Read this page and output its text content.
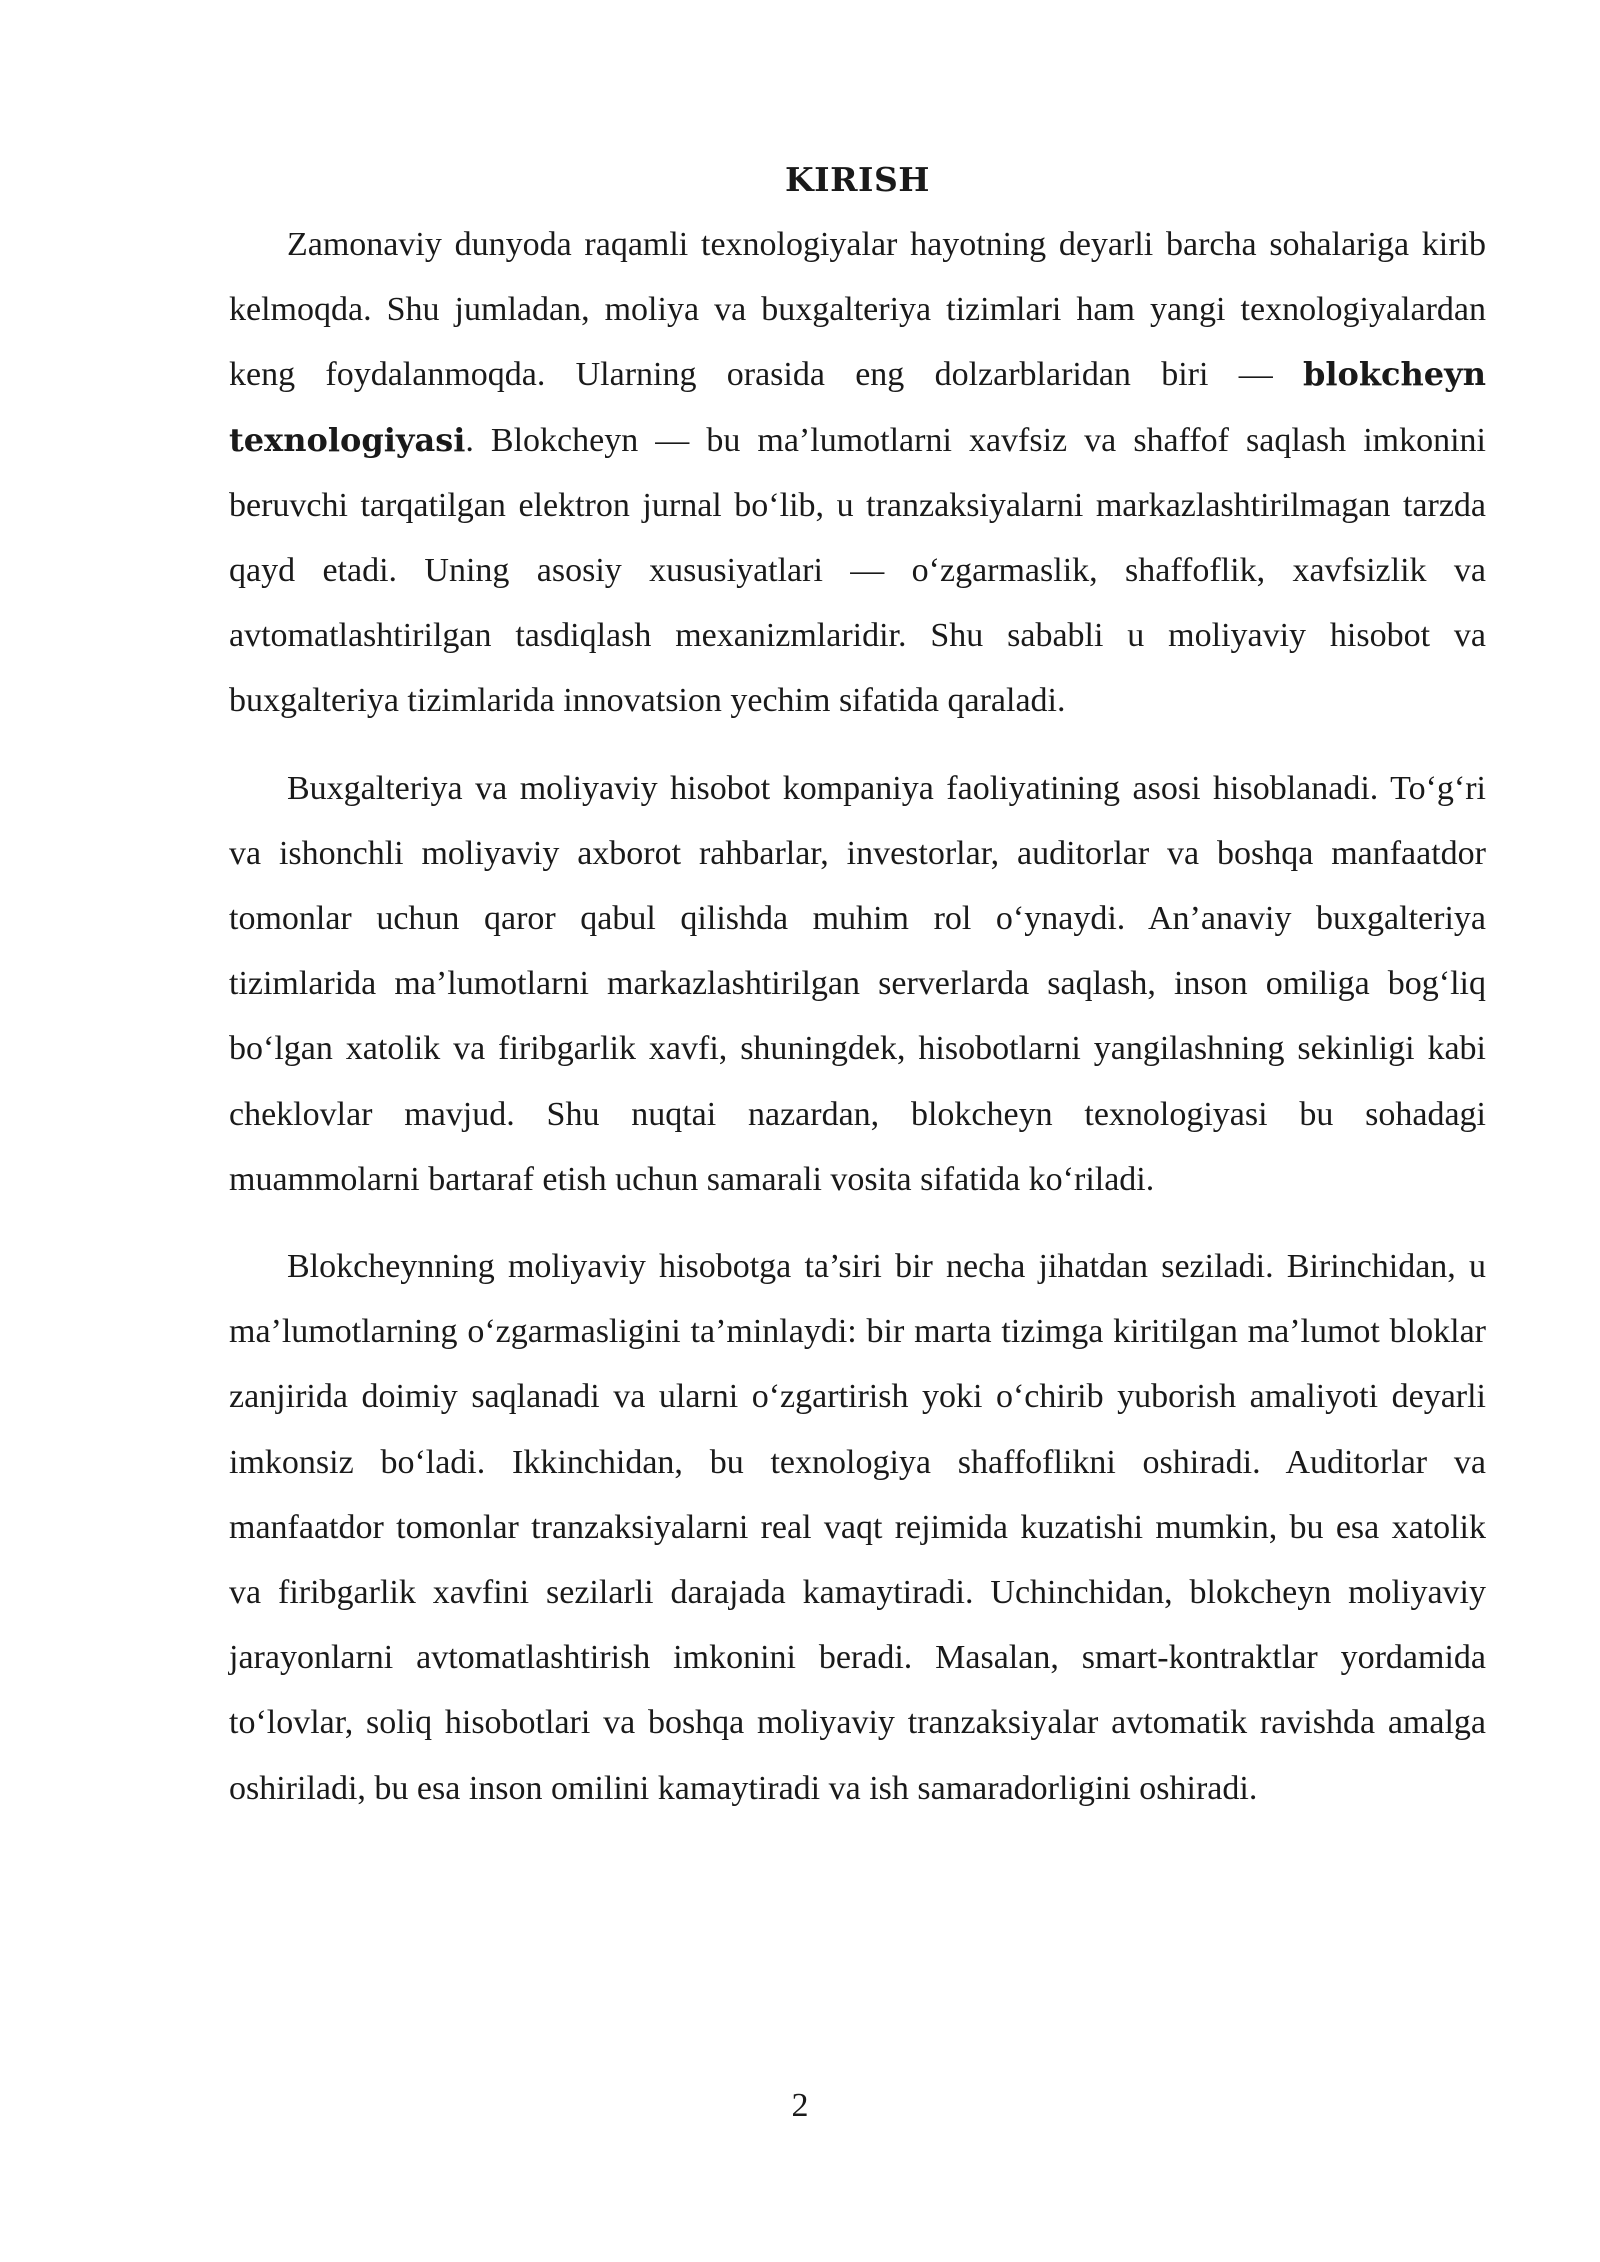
KIRISH

Zamonaviy dunyoda raqamli texnologiyalar hayotning deyarli barcha sohalariga kirib kelmoqda. Shu jumladan, moliya va buxgalteriya tizimlari ham yangi texnologiyalardan keng foydalanmoqda. Ularning orasida eng dolzarblaridan biri — blokcheyn texnologiyasi. Blokcheyn — bu ma’lumotlarni xavfsiz va shaffof saqlash imkonini beruvchi tarqatilgan elektron jurnal bo‘lib, u tranzaksiyalarni markazlashtirilmagan tarzda qayd etadi. Uning asosiy xususiyatlari — o‘zgarmaslik, shaffoflik, xavfsizlik va avtomatlashtirilgan tasdiqlash mexanizmlaridir. Shu sababli u moliyaviy hisobot va buxgalteriya tizimlarida innovatsion yechim sifatida qaraladi.

Buxgalteriya va moliyaviy hisobot kompaniya faoliyatining asosi hisoblanadi. To‘g‘ri va ishonchli moliyaviy axborot rahbarlar, investorlar, auditorlar va boshqa manfaatdor tomonlar uchun qaror qabul qilishda muhim rol o‘ynaydi. An’anaviy buxgalteriya tizimlarida ma’lumotlarni markazlashtirilgan serverlarda saqlash, inson omiliga bog‘liq bo‘lgan xatolik va firibgarlik xavfi, shuningdek, hisobotlarni yangilashning sekinligi kabi cheklovlar mavjud. Shu nuqtai nazardan, blokcheyn texnologiyasi bu sohadagi muammolarni bartaraf etish uchun samarali vosita sifatida ko‘riladi.

Blokcheynning moliyaviy hisobotga ta’siri bir necha jihatdan seziladi. Birinchidan, u ma’lumotlarning o‘zgarmasligini ta’minlaydi: bir marta tizimga kiritilgan ma’lumot bloklar zanjirida doimiy saqlanadi va ularni o‘zgartirish yoki o‘chirib yuborish amaliyoti deyarli imkonsiz bo‘ladi. Ikkinchidan, bu texnologiya shaffoflikni oshiradi. Auditorlar va manfaatdor tomonlar tranzaksiyalarni real vaqt rejimida kuzatishi mumkin, bu esa xatolik va firibgarlik xavfini sezilarli darajada kamaytiradi. Uchinchidan, blokcheyn moliyaviy jarayonlarni avtomatlashtirish imkonini beradi. Masalan, smart-kontraktlar yordamida to‘lovlar, soliq hisobotlari va boshqa moliyaviy tranzaksiyalar avtomatik ravishda amalga oshiriladi, bu esa inson omilini kamaytiradi va ish samaradorligini oshiradi.

2
